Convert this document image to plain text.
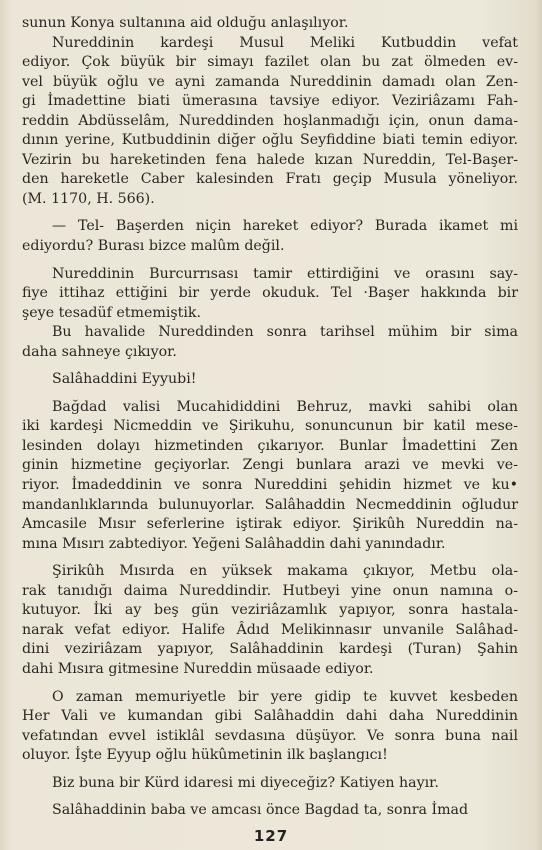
sunun Konya sultanına aid olduğu anlaşılıyor.

Nureddinin kardeşi Musul Meliki Kutbuddin vefat

ediyor. Çok büyük bir simayı fazilet olan bu zat ölmeden ev-

vel büyük oğlu ve ayni zamanda Nureddinin damadı olan Zen-

gi İmadettine biati ümerasına tavsiye ediyor. Veziriâzamı Fah-

reddin Abdüsselâm, Nureddinden hoşlanmadığı için, onun dama-

dının yerine, Kutbuddinin diğer oğlu Seyfiddine biati temin ediyor.

Vezirin bu hareketinden fena halede kızan Nureddin, Tel-Başer-

den hareketle Caber kalesinden Fratı geçip Musula yöneliyor.

(M. 1170, H. 566).

— Tel- Başerden niçin hareket ediyor? Burada ikamet mi

ediyordu? Burası bizce malûm değil.

Nureddinin Burcurrısası tamir ettirdiğini ve orasını say-

fiye ittihaz ettiğini bir yerde okuduk. Tel ·Başer hakkında bir

şeye tesadüf etmemiştik.

Bu havalide Nureddinden sonra tarihsel mühim bir sima

daha sahneye çıkıyor.

Salâhaddini Eyyubi!

Bağdad valisi Mucahididdini Behruz, mavki sahibi olan

iki kardeşi Nicmeddin ve Şirikuhu, sonuncunun bir katil mese-

lesinden dolayı hizmetinden çıkarıyor. Bunlar İmadettini Zen

ginin hizmetine geçiyorlar. Zengi bunlara arazi ve mevki ve-

riyor. İmadeddinin ve sonra Nureddini şehidin hizmet ve ku•

mandanlıklarında bulunuyorlar. Salâhaddin Necmeddinin oğludur

Amcasile Mısır seferlerine iştirak ediyor. Şirikûh Nureddin na-

mına Mısırı zabtediyor. Yeğeni Salâhaddin dahi yanındadır.

Şirikûh Mısırda en yüksek makama çıkıyor, Metbu ola-

rak tanıdığı daima Nureddindir. Hutbeyi yine onun namına o-

kutuyor. İki ay beş gün veziriâzamlık yapıyor, sonra hastala-

narak vefat ediyor. Halife Âdıd Melikinnasır unvanile Salâhad-

dini veziriâzam yapıyor, Salâhaddinin kardeşi (Turan) Şahin

dahi Mısıra gitmesine Nureddin müsaade ediyor.

O zaman memuriyetle bir yere gidip te kuvvet kesbeden

Her Vali ve kumandan gibi Salâhaddin dahi daha Nureddinin

vefatından evvel istiklâl sevdasına düşüyor. Ve sonra buna nail

oluyor. İşte Eyyup oğlu hükûmetinin ilk başlangıcı!

Biz buna bir Kürd idaresi mi diyeceğiz? Katiyen hayır.

Salâhaddinin baba ve amcası önce Bagdad ta, sonra İmad

127
